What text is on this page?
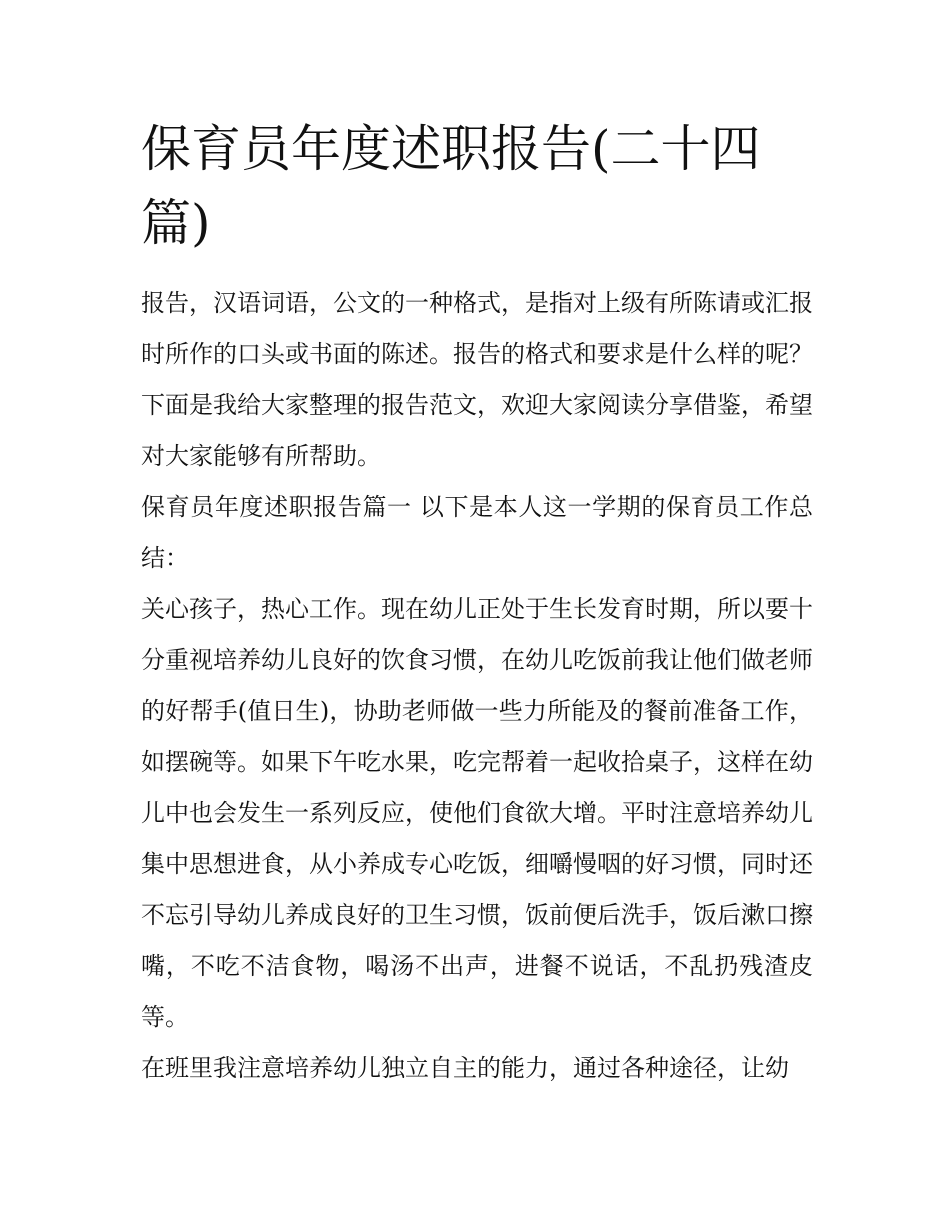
保育员年度述职报告(二十四篇)

报告，汉语词语，公文的一种格式，是指对上级有所陈请或汇报时所作的口头或书面的陈述。报告的格式和要求是什么样的呢？下面是我给大家整理的报告范文，欢迎大家阅读分享借鉴，希望对大家能够有所帮助。

保育员年度述职报告篇一 以下是本人这一学期的保育员工作总结：

关心孩子，热心工作。现在幼儿正处于生长发育时期，所以要十分重视培养幼儿良好的饮食习惯，在幼儿吃饭前我让他们做老师的好帮手(值日生)，协助老师做一些力所能及的餐前准备工作，如摆碗等。如果下午吃水果，吃完帮着一起收拾桌子，这样在幼儿中也会发生一系列反应，使他们食欲大增。平时注意培养幼儿集中思想进食，从小养成专心吃饭，细嚼慢咽的好习惯，同时还不忘引导幼儿养成良好的卫生习惯，饭前便后洗手，饭后漱口擦嘴，不吃不洁食物，喝汤不出声，进餐不说话，不乱扔残渣皮等。

在班里我注意培养幼儿独立自主的能力，通过各种途径，让幼
